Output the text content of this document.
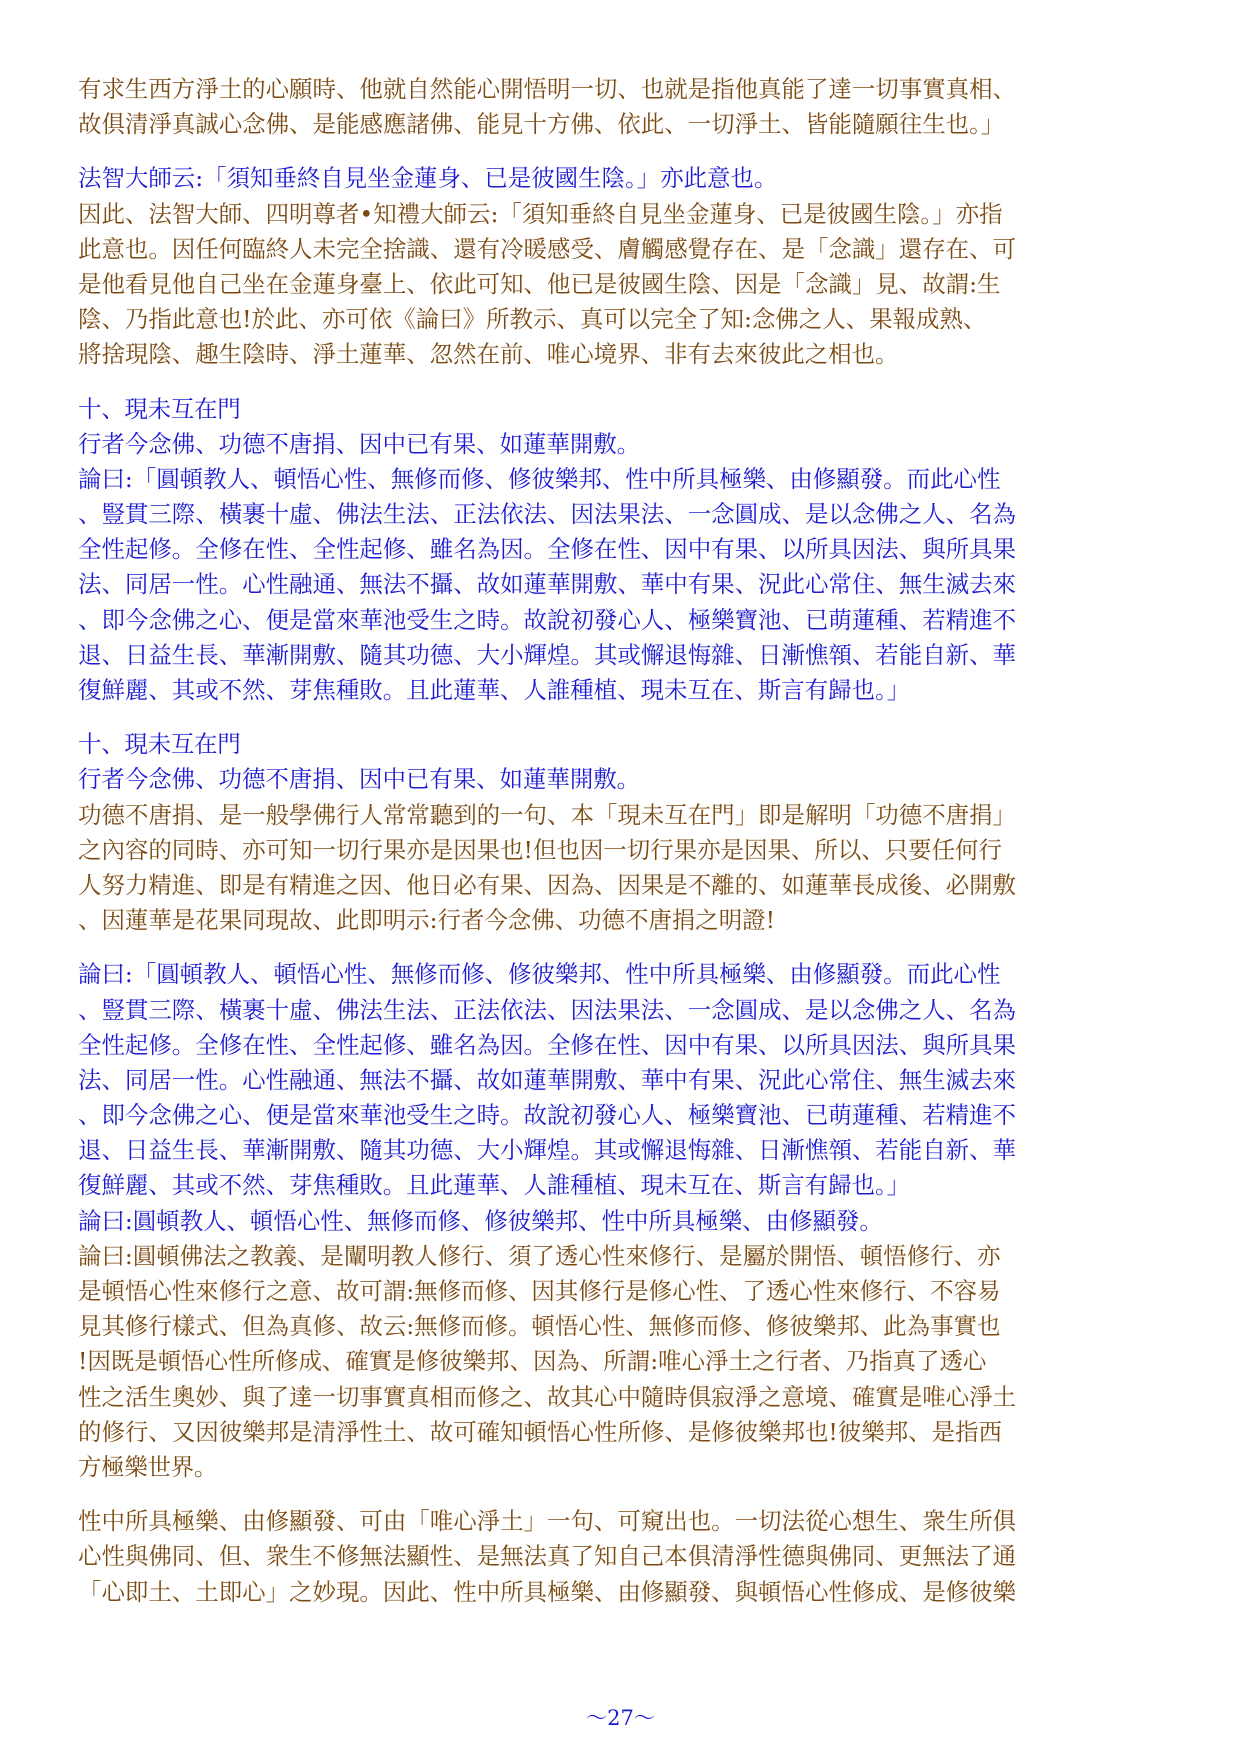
有求生西方淨土的心願時、他就自然能心開悟明一切、也就是指他真能了達一切事實真相、
故俱清淨真誠心念佛、是能感應諸佛、能見十方佛、依此、一切淨土、皆能隨願往生也。」
法智大師云:「須知垂終自見坐金蓮身、已是彼國生陰。」亦此意也。
因此、法智大師、四明尊者•知禮大師云:「須知垂終自見坐金蓮身、已是彼國生陰。」亦指
此意也。因任何臨終人未完全捨識、還有冷暖感受、膚觸感覺存在、是「念識」還存在、可
是他看見他自己坐在金蓮身臺上、依此可知、他已是彼國生陰、因是「念識」見、故謂:生
陰、乃指此意也!於此、亦可依《論曰》所教示、真可以完全了知:念佛之人、果報成熟、
將捨現陰、趣生陰時、淨土蓮華、忽然在前、唯心境界、非有去來彼此之相也。
十、現未互在門
行者今念佛、功德不唐捐、因中已有果、如蓮華開敷。
論曰:「圓頓教人、頓悟心性、無修而修、修彼樂邦、性中所具極樂、由修顯發。而此心性
、豎貫三際、橫裹十虛、佛法生法、正法依法、因法果法、一念圓成、是以念佛之人、名為
全性起修。全修在性、全性起修、雖名為因。全修在性、因中有果、以所具因法、與所具果
法、同居一性。心性融通、無法不攝、故如蓮華開敷、華中有果、況此心常住、無生滅去來
、即今念佛之心、便是當來華池受生之時。故說初發心人、極樂寶池、已萌蓮種、若精進不
退、日益生長、華漸開敷、隨其功德、大小輝煌。其或懈退悔雜、日漸憔顇、若能自新、華
復鮮麗、其或不然、芽焦種敗。且此蓮華、人誰種植、現未互在、斯言有歸也。」
十、現未互在門
行者今念佛、功德不唐捐、因中已有果、如蓮華開敷。
功德不唐捐、是一般學佛行人常常聽到的一句、本「現未互在門」即是解明「功德不唐捐」
之內容的同時、亦可知一切行果亦是因果也!但也因一切行果亦是因果、所以、只要任何行
人努力精進、即是有精進之因、他日必有果、因為、因果是不離的、如蓮華長成後、必開敷
、因蓮華是花果同現故、此即明示:行者今念佛、功德不唐捐之明證!
論曰:「圓頓教人、頓悟心性、無修而修、修彼樂邦、性中所具極樂、由修顯發。而此心性
、豎貫三際、橫裹十虛、佛法生法、正法依法、因法果法、一念圓成、是以念佛之人、名為
全性起修。全修在性、全性起修、雖名為因。全修在性、因中有果、以所具因法、與所具果
法、同居一性。心性融通、無法不攝、故如蓮華開敷、華中有果、況此心常住、無生滅去來
、即今念佛之心、便是當來華池受生之時。故說初發心人、極樂寶池、已萌蓮種、若精進不
退、日益生長、華漸開敷、隨其功德、大小輝煌。其或懈退悔雜、日漸憔顇、若能自新、華
復鮮麗、其或不然、芽焦種敗。且此蓮華、人誰種植、現未互在、斯言有歸也。」
論曰:圓頓教人、頓悟心性、無修而修、修彼樂邦、性中所具極樂、由修顯發。
論曰:圓頓佛法之教義、是闡明教人修行、須了透心性來修行、是屬於開悟、頓悟修行、亦
是頓悟心性來修行之意、故可謂:無修而修、因其修行是修心性、了透心性來修行、不容易
見其修行樣式、但為真修、故云:無修而修。頓悟心性、無修而修、修彼樂邦、此為事實也
!因既是頓悟心性所修成、確實是修彼樂邦、因為、所謂:唯心淨土之行者、乃指真了透心
性之活生奧妙、與了達一切事實真相而修之、故其心中隨時俱寂淨之意境、確實是唯心淨土
的修行、又因彼樂邦是清淨性土、故可確知頓悟心性所修、是修彼樂邦也!彼樂邦、是指西
方極樂世界。
性中所具極樂、由修顯發、可由「唯心淨土」一句、可窺出也。一切法從心想生、衆生所俱
心性與佛同、但、衆生不修無法顯性、是無法真了知自己本俱清淨性德與佛同、更無法了通
「心即土、土即心」之妙現。因此、性中所具極樂、由修顯發、與頓悟心性修成、是修彼樂
～27～
